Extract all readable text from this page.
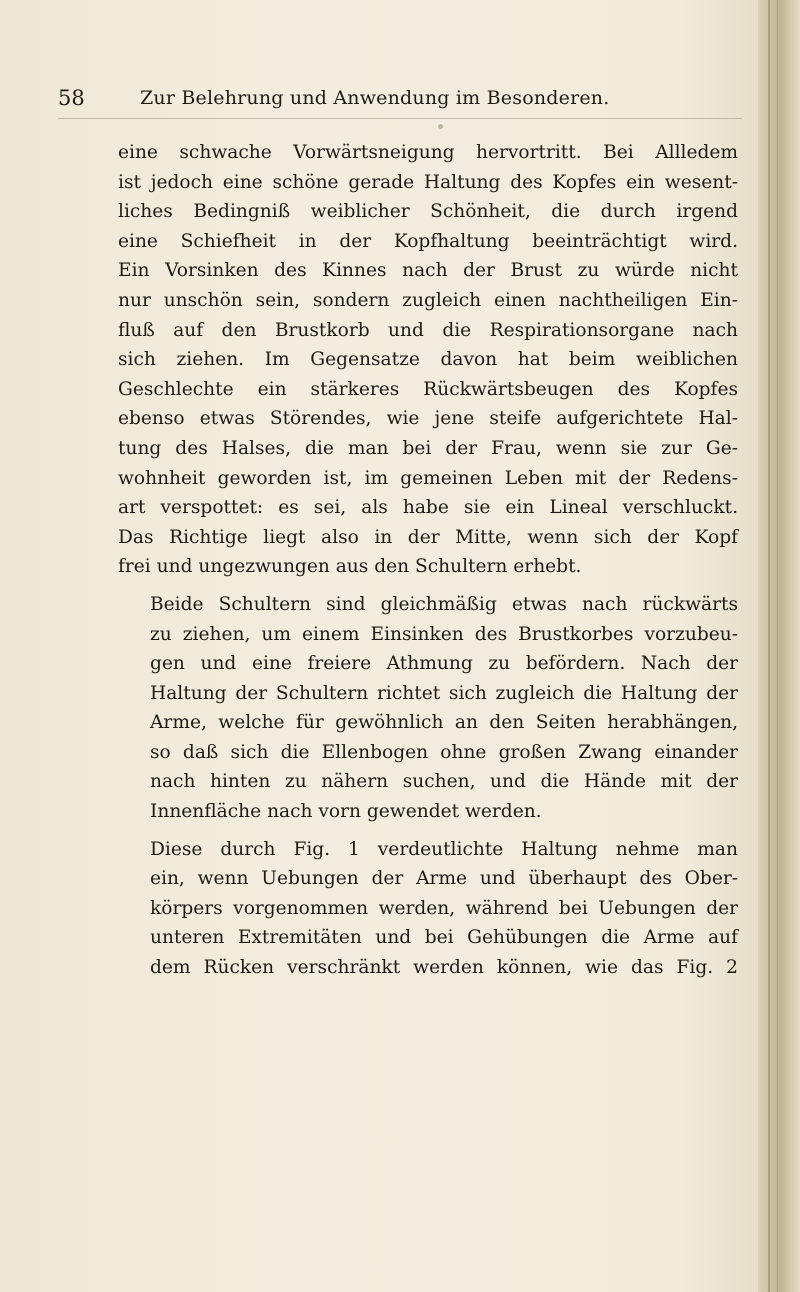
58	Zur Belehrung und Anwendung im Besonderen.

eine schwache Vorwärtsneigung hervortritt. Bei Allledem
ist jedoch eine schöne gerade Haltung des Kopfes ein wesent-
liches Bedingniß weiblicher Schönheit, die durch irgend
eine Schiefheit in der Kopfhaltung beeinträchtigt wird.
Ein Vorsinken des Kinnes nach der Brust zu würde nicht
nur unschön sein, sondern zugleich einen nachtheiligen Ein-
fluß auf den Brustkorb und die Respirationsorgane nach
sich ziehen. Im Gegensatze davon hat beim weiblichen
Geschlechte ein stärkeres Rückwärtsbeugen des Kopfes
ebenso etwas Störendes, wie jene steife aufgerichtete Hal-
tung des Halses, die man bei der Frau, wenn sie zur Ge-
wohnheit geworden ist, im gemeinen Leben mit der Redens-
art verspottet: es sei, als habe sie ein Lineal verschluckt.
Das Richtige liegt also in der Mitte, wenn sich der Kopf
frei und ungezwungen aus den Schultern erhebt.

Beide Schultern sind gleichmäßig etwas nach rückwärts
zu ziehen, um einem Einsinken des Brustkorbes vorzubeu-
gen und eine freiere Athmung zu befördern. Nach der
Haltung der Schultern richtet sich zugleich die Haltung der
Arme, welche für gewöhnlich an den Seiten herabhängen,
so daß sich die Ellenbogen ohne großen Zwang einander
nach hinten zu nähern suchen, und die Hände mit der
Innenfläche nach vorn gewendet werden.

Diese durch Fig. 1 verdeutlichte Haltung nehme man
ein, wenn Uebungen der Arme und überhaupt des Ober-
körpers vorgenommen werden, während bei Uebungen der
unteren Extremitäten und bei Gehübungen die Arme auf
dem Rücken verschränkt werden können, wie das Fig. 2
